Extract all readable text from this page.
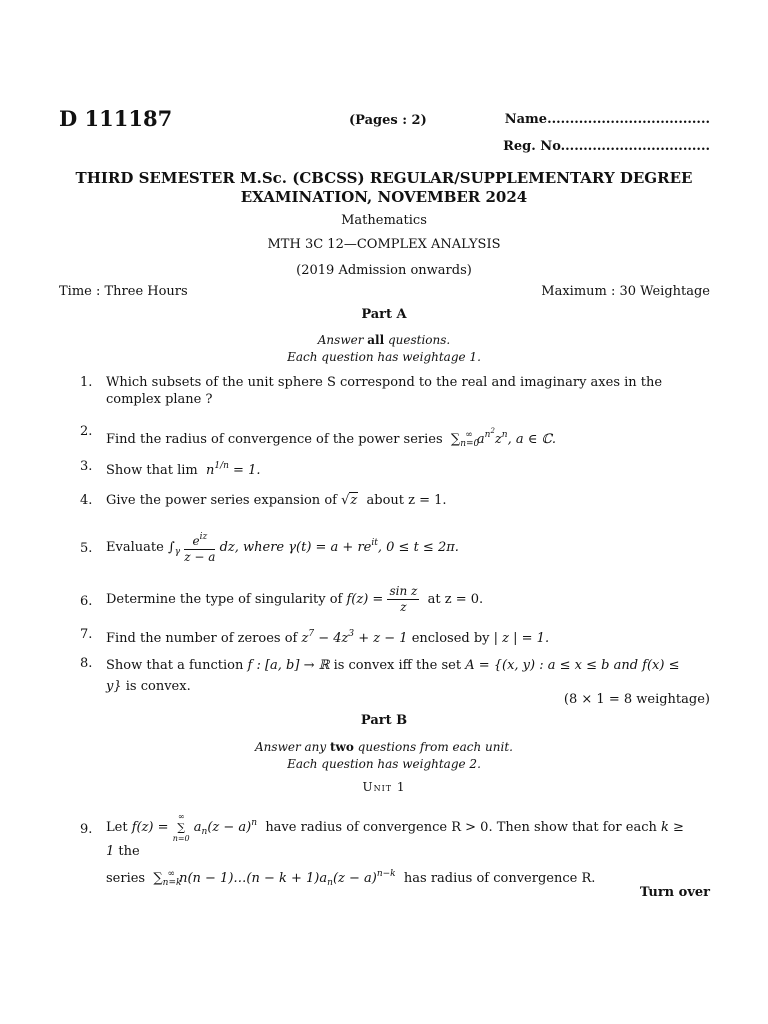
D 111187	(Pages : 2)	Name....................................
Reg. No.................................
THIRD SEMESTER M.Sc. (CBCSS) REGULAR/SUPPLEMENTARY DEGREE
EXAMINATION, NOVEMBER 2024
Mathematics
MTH 3C 12—COMPLEX ANALYSIS
(2019 Admission onwards)
Time : Three Hours	Maximum : 30 Weightage
Part A
Answer all questions.
Each question has weightage 1.
1. Which subsets of the unit sphere S correspond to the real and imaginary axes in the complex plane ?
2.
Find the radius of convergence of the power series $\sum_{n=0}^\infty$ $a^{n^2}z^n$, a ∈ ℂ.
3. Show that $\lim n^{1/n} = 1$.
4. Give the power series expansion of √z about z = 1.
5. Evaluate $\int_\gamma \frac{e^{iz}}{z - a}$ dz, where $\gamma(t) = a + re^{it}$, 0 ≤ t ≤ 2π.
6. Determine the type of singularity of $f(z) = \frac{\text{sin z}}{z}$ at z = 0.
7. Find the number of zeroes of $z^7 - 4z^3 + z - 1$ enclosed by | z | = 1.
8. Show that a function f : [a, b] → ℝ is convex iff the set A = {(x, y) : a ≤ x ≤ b and f(x) ≤ y} is convex.
(8 × 1 = 8 weightage)
Part B
Answer any two questions from each unit.
Each question has weightage 2.
Unit 1
9. Let f(z) =
∞
∑
n=0
$a_n(z - a)^n$ have radius of convergence R > 0. Then show that for each k ≥ 1 the
series $\sum_{n=k}^\infty$ n(n − 1)…(n − $k + 1)a_n(z - a)^{n-k}$ has radius of convergence R.
Turn over
